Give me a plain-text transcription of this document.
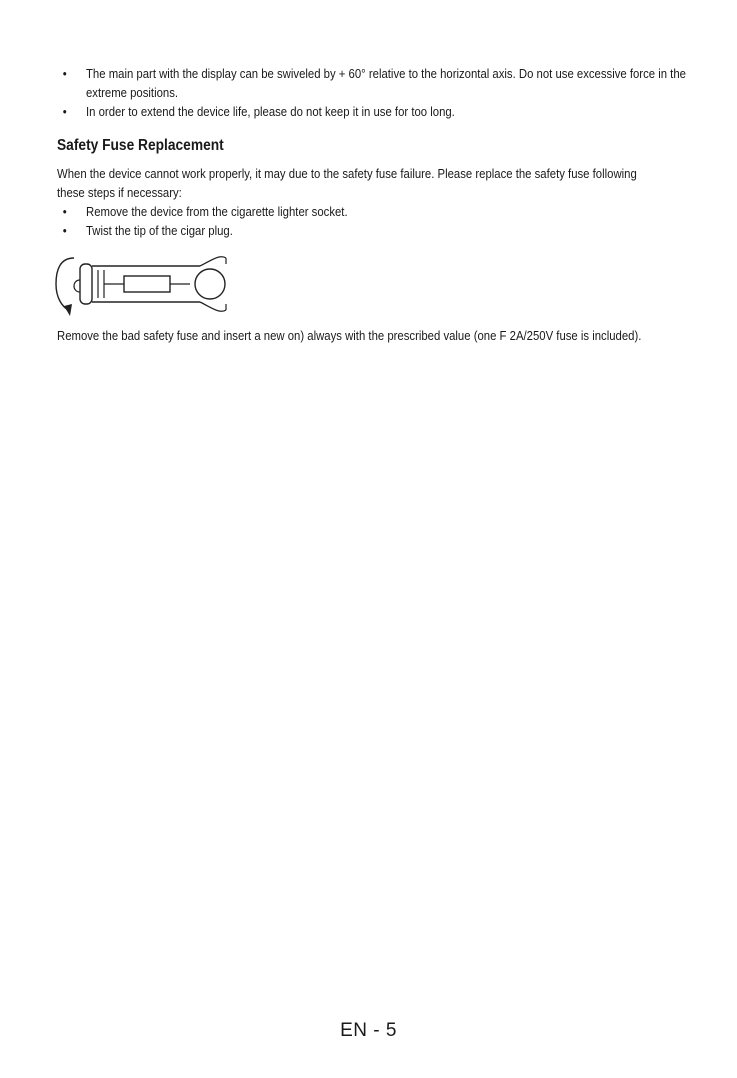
• The main part with the display can be swiveled by + 60° relative to the horizontal axis. Do not use excessive force in the extreme positions.
• In order to extend the device life, please do not keep it in use for too long.
Safety Fuse Replacement

When the device cannot work properly, it may due to the safety fuse failure. Please replace the safety fuse following these steps if necessary:

• Remove the device from the cigarette lighter socket.
• Twist the tip of the cigar plug.

Remove the bad safety fuse and insert a new on) always with the prescribed value (one F 2A/250V fuse is included).

EN - 5
